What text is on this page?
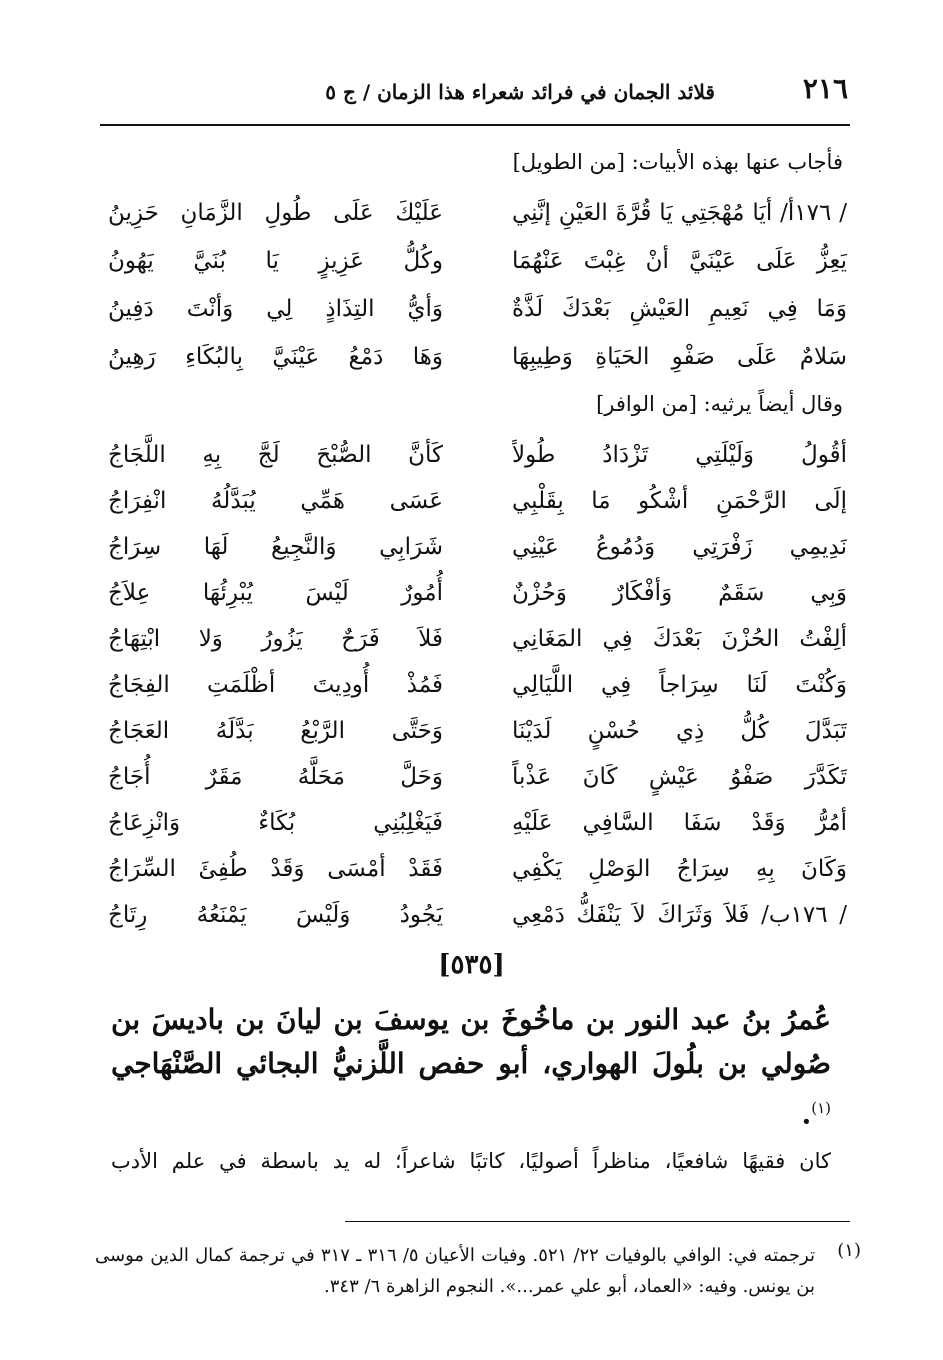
٢١٦
قلائد الجمان في فرائد شعراء هذا الزمان / ج ٥
فأجاب عنها بهذه الأبيات: [من الطويل]
/ ١٧٦أ/ أيَا مُهْجَتِي يَا قُرَّةَ العَيْنِ إنَّنِي
عَلَيْكَ عَلَى طُولِ الزَّمَانِ حَزِينُ
يَعِزُّ عَلَى عَيْنَيَّ أنْ غِبْتَ عَنْهُمَا
وكُلُّ عَزِيزٍ يَا بُنَيَّ يَهُونُ
وَمَا فِي نَعِيمِ العَيْشِ بَعْدَكَ لَذَّةٌ
وَأيُّ التِذَاذٍ لِي وَأنْتَ دَفِينُ
سَلامٌ عَلَى صَفْوِ الحَيَاةِ وَطِيبِهَا
وَهَا دَمْعُ عَيْنَيَّ بِالبُكَاءِ رَهِينُ
وقال أيضاً يرثيه: [من الوافر]
أقُولُ وَلَيْلَتِي تَزْدَادُ طُولاً
كَأنَّ الصُّبْحَ لَجَّ بِهِ اللَّجَاجُ
إلَى الرَّحْمَنِ أشْكُو مَا بِقَلْبِي
عَسَى هَمِّي يُبَدَّلُهُ انْفِرَاجُ
نَدِيمِي زَفْرَتِي وَدُمُوعُ عَيْنِي
شَرَابِي وَالنَّجِيعُ لَهَا سِرَاجُ
وَبِي سَقَمٌ وَأفْكَارٌ وَحُزْنٌ
أُمُورٌ لَيْسَ يُبْرِئُهَا عِلاَجُ
ألِفْتُ الحُزْنَ بَعْدَكَ فِي المَغَانِي
فَلاَ فَرَحٌ يَزُورُ وَلا ابْتِهَاجُ
وَكُنْتَ لَنَا سِرَاجاً فِي اللَّيَالِي
فَمُذْ أُودِيتَ أظْلَمَتِ الفِجَاجُ
تَبَدَّلَ كُلُّ ذِي حُسْنٍ لَدَيْنَا
وَحَتَّى الرَّبْعُ بَدَّلَهُ العَجَاجُ
تَكَدَّرَ صَفْوُ عَيْشٍ كَانَ عَذْباً
وَحَلَّ مَحَلَّهُ مَقَرٌ أُجَاجُ
أمُرُّ وَقَدْ سَفَا السَّافِي عَلَيْهِ
فَيَغْلِبُنِي بُكَاءٌ وَانْزِعَاجُ
وَكَانَ بِهِ سِرَاجُ الوَصْلِ يَكْفِي
فَقَدْ أمْسَى وَقَدْ طُفِئَ السِّرَاجُ
/ ١٧٦ب/ فَلاَ وَثَرَاكَ لاَ يَنْفَكُّ دَمْعِي
يَجُودُ وَلَيْسَ يَمْنَعُهُ رِتَاجُ
[٥٣٥]
عُمرُ بنُ عبد النور بن ماخُوخَ بن يوسفَ بن ليانَ بن باديسَ بن صُولي بن بلُولَ الهواري، أبو حفص اللَّزنيُّ البجائي الصَّنْهَاجي $^{(١)}$.
كان فقيهًا شافعيًا، مناظراً أصوليًا، كاتبًا شاعراً؛ له يد باسطة في علم الأدب
(١)
ترجمته في: الوافي بالوفيات ٢٢/ ٥٢١. وفيات الأعيان ٥/ ٣١٦ ـ ٣١٧ في ترجمة كمال الدين موسى بن يونس. وفيه: «العماد، أبو علي عمر...». النجوم الزاهرة ٦/ ٣٤٣.
